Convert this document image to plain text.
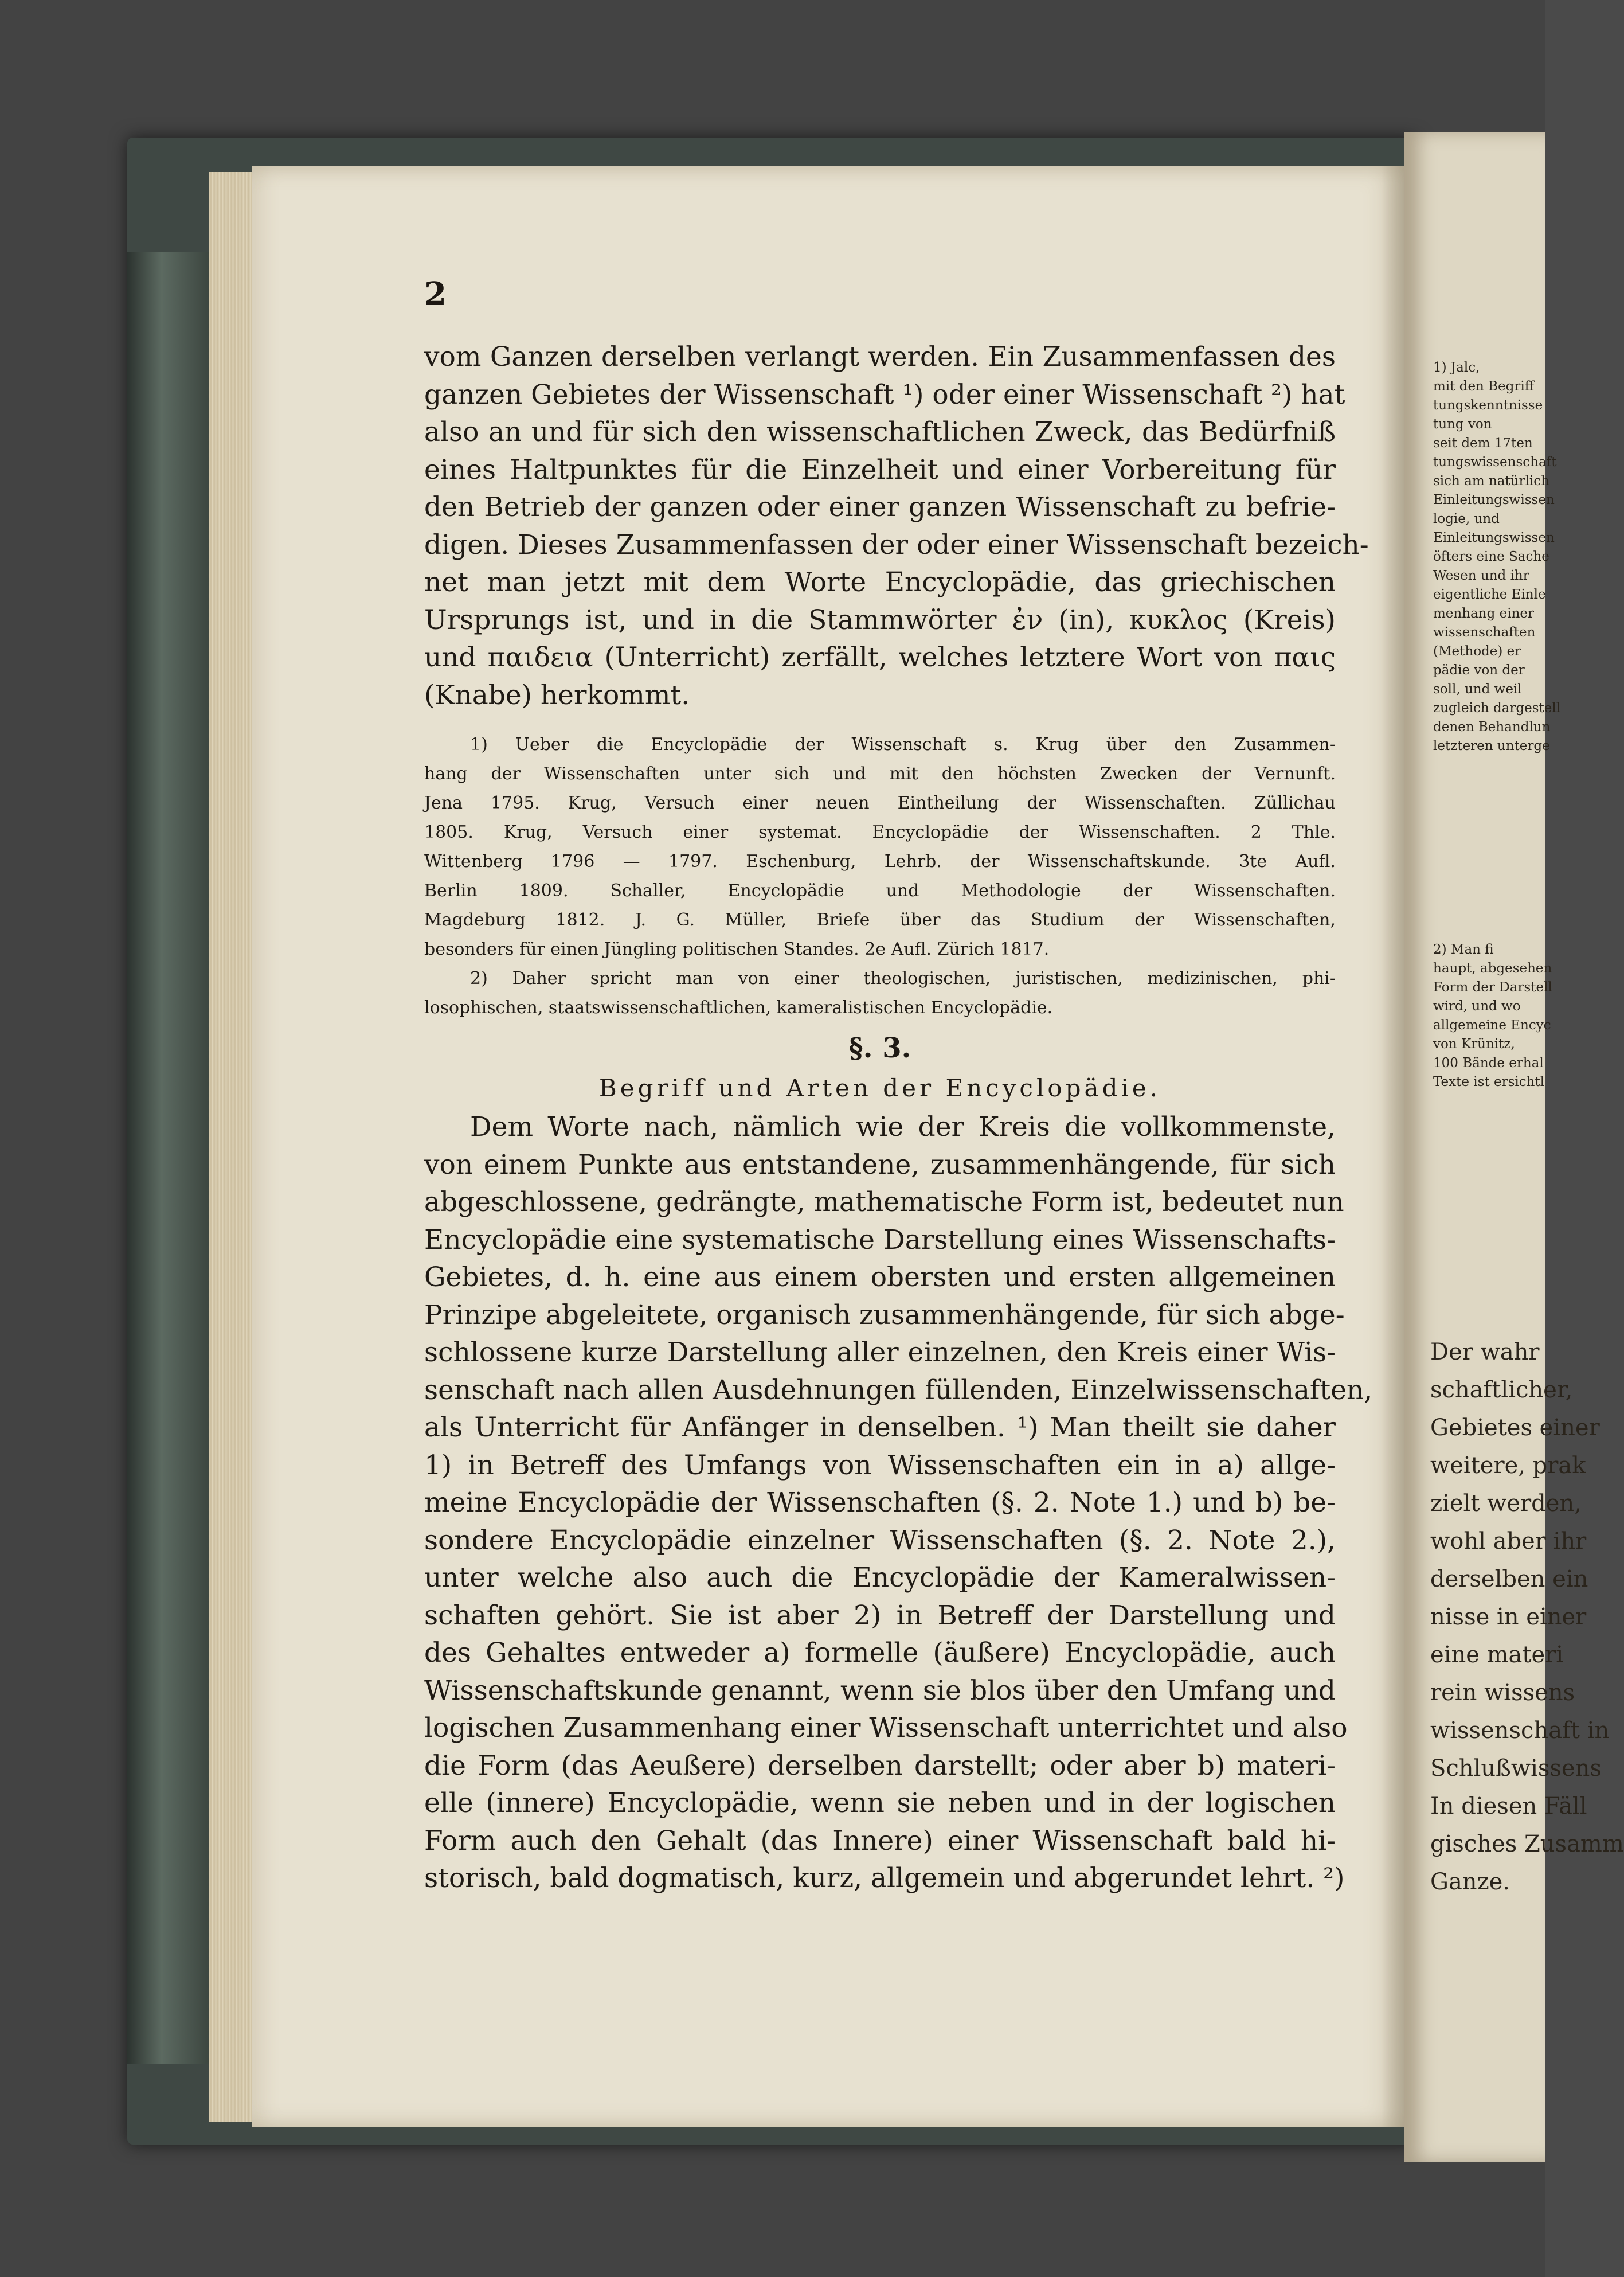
2
vom Ganzen derselben verlangt werden. Ein Zusammenfassen des
ganzen Gebietes der Wissenschaft ¹) oder einer Wissenschaft ²) hat
also an und für sich den wissenschaftlichen Zweck, das Bedürfniß
eines Haltpunktes für die Einzelheit und einer Vorbereitung für
den Betrieb der ganzen oder einer ganzen Wissenschaft zu befrie-
digen. Dieses Zusammenfassen der oder einer Wissenschaft bezeich-
net man jetzt mit dem Worte Encyclopädie, das griechischen
Ursprungs ist, und in die Stammwörter ἐν (in), κυκλος (Kreis)
und παιδεια (Unterricht) zerfällt, welches letztere Wort von παις
(Knabe) herkommt.
1) Ueber die Encyclopädie der Wissenschaft s. Krug über den Zusammen-
hang der Wissenschaften unter sich und mit den höchsten Zwecken der Vernunft.
Jena 1795. Krug, Versuch einer neuen Eintheilung der Wissenschaften. Züllichau
1805. Krug, Versuch einer systemat. Encyclopädie der Wissenschaften. 2 Thle.
Wittenberg 1796 — 1797. Eschenburg, Lehrb. der Wissenschaftskunde. 3te Aufl.
Berlin 1809. Schaller, Encyclopädie und Methodologie der Wissenschaften.
Magdeburg 1812. J. G. Müller, Briefe über das Studium der Wissenschaften,
besonders für einen Jüngling politischen Standes. 2e Aufl. Zürich 1817.
2) Daher spricht man von einer theologischen, juristischen, medizinischen, phi-
losophischen, staatswissenschaftlichen, kameralistischen Encyclopädie.
§. 3.
Begriff und Arten der Encyclopädie.
Dem Worte nach, nämlich wie der Kreis die vollkommenste,
von einem Punkte aus entstandene, zusammenhängende, für sich
abgeschlossene, gedrängte, mathematische Form ist, bedeutet nun
Encyclopädie eine systematische Darstellung eines Wissenschafts-
Gebietes, d. h. eine aus einem obersten und ersten allgemeinen
Prinzipe abgeleitete, organisch zusammenhängende, für sich abge-
schlossene kurze Darstellung aller einzelnen, den Kreis einer Wis-
senschaft nach allen Ausdehnungen füllenden, Einzelwissenschaften,
als Unterricht für Anfänger in denselben. ¹) Man theilt sie daher
1) in Betreff des Umfangs von Wissenschaften ein in a) allge-
meine Encyclopädie der Wissenschaften (§. 2. Note 1.) und b) be-
sondere Encyclopädie einzelner Wissenschaften (§. 2. Note 2.),
unter welche also auch die Encyclopädie der Kameralwissen-
schaften gehört. Sie ist aber 2) in Betreff der Darstellung und
des Gehaltes entweder a) formelle (äußere) Encyclopädie, auch
Wissenschaftskunde genannt, wenn sie blos über den Umfang und
logischen Zusammenhang einer Wissenschaft unterrichtet und also
die Form (das Aeußere) derselben darstellt; oder aber b) materi-
elle (innere) Encyclopädie, wenn sie neben und in der logischen
Form auch den Gehalt (das Innere) einer Wissenschaft bald hi-
storisch, bald dogmatisch, kurz, allgemein und abgerundet lehrt. ²)
1) Jalc,
mit den Begriff
tungskenntnisse
tung von
seit dem 17ten
tungswissenschaft
sich am natürlich
Einleitungswissen
logie, und
Einleitungswissen
öfters eine Sache
Wesen und ihr
eigentliche Einle
menhang einer
wissenschaften
(Methode) er
pädie von der
soll, und weil
zugleich dargestell
denen Behandlun
letzteren unterge
2) Man fi
haupt, abgesehen
Form der Darstell
wird, und wo
allgemeine Encyc
von Krünitz,
100 Bände erhal
Texte ist ersichtl
Der wahr
schaftlicher,
Gebietes einer
weitere, prak
zielt werden,
wohl aber ihr
derselben ein
nisse in einer
eine materi
rein wissens
wissenschaft in
Schlußwissens
In diesen Fäll
gisches Zusamm
Ganze.
